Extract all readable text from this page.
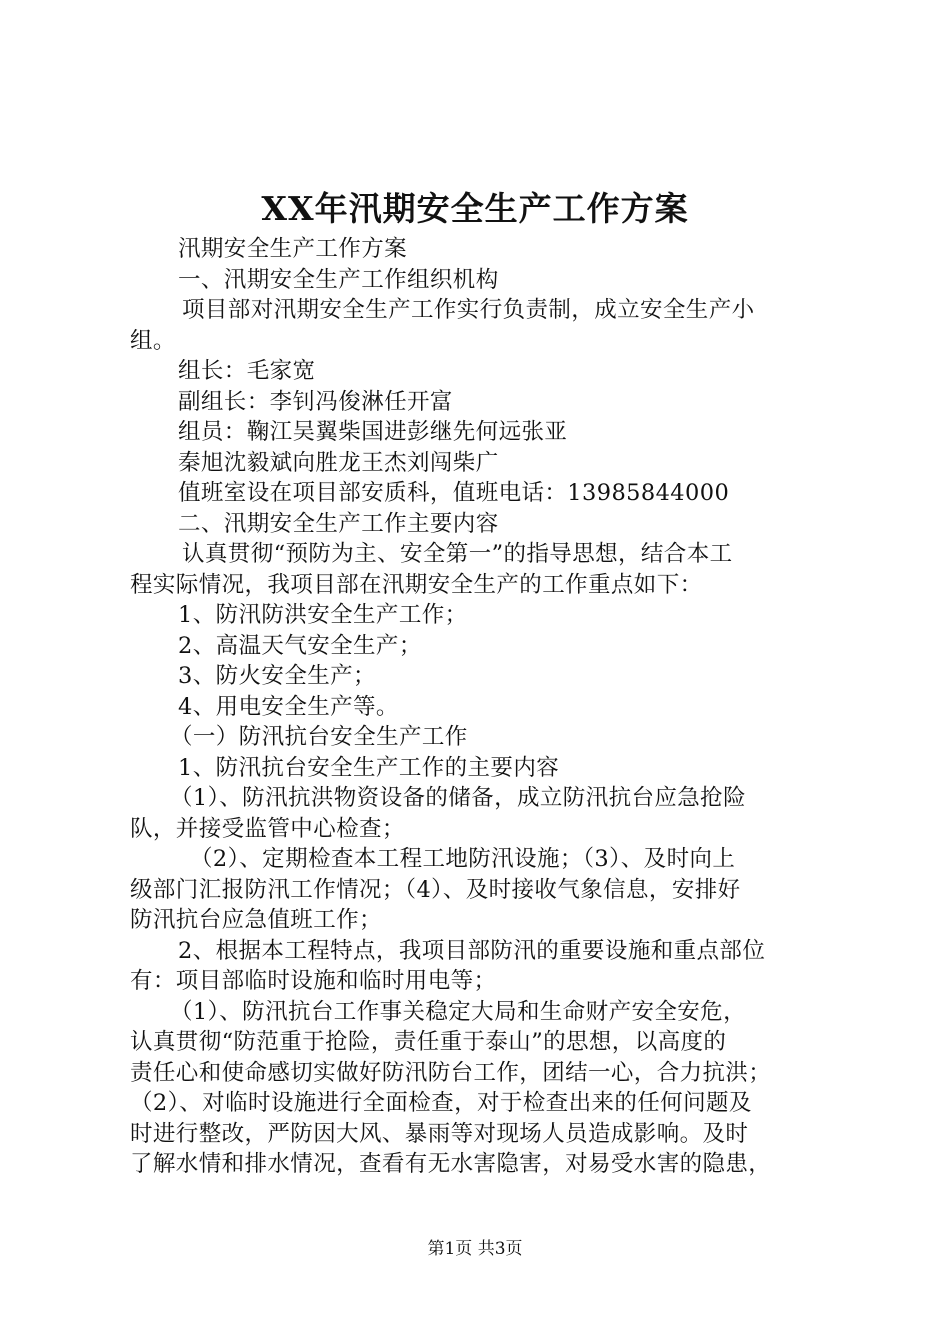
XX年汛期安全生产工作方案
汛期安全生产工作方案
一、汛期安全生产工作组织机构
项目部对汛期安全生产工作实行负责制，成立安全生产小
组。
组长：毛家宽
副组长：李钊冯俊淋任开富
组员：鞠江吴翼柴国进彭继先何远张亚
秦旭沈毅斌向胜龙王杰刘闯柴广
值班室设在项目部安质科，值班电话：13985844000
二、汛期安全生产工作主要内容
认真贯彻“预防为主、安全第一”的指导思想，结合本工
程实际情况，我项目部在汛期安全生产的工作重点如下：
1、防汛防洪安全生产工作；
2、高温天气安全生产；
3、防火安全生产；
4、用电安全生产等。
（一）防汛抗台安全生产工作
1、防汛抗台安全生产工作的主要内容
（1）、防汛抗洪物资设备的储备，成立防汛抗台应急抢险
队，并接受监管中心检查；
（2）、定期检查本工程工地防汛设施；（3）、及时向上
级部门汇报防汛工作情况；（4）、及时接收气象信息，安排好
防汛抗台应急值班工作；
2、根据本工程特点，我项目部防汛的重要设施和重点部位
有：项目部临时设施和临时用电等；
（1）、防汛抗台工作事关稳定大局和生命财产安全安危，
认真贯彻“防范重于抢险，责任重于泰山”的思想，以高度的
责任心和使命感切实做好防汛防台工作，团结一心，合力抗洪；
（2）、对临时设施进行全面检查，对于检查出来的任何问题及
时进行整改，严防因大风、暴雨等对现场人员造成影响。及时
了解水情和排水情况，查看有无水害隐害，对易受水害的隐患，
第1页 共3页
